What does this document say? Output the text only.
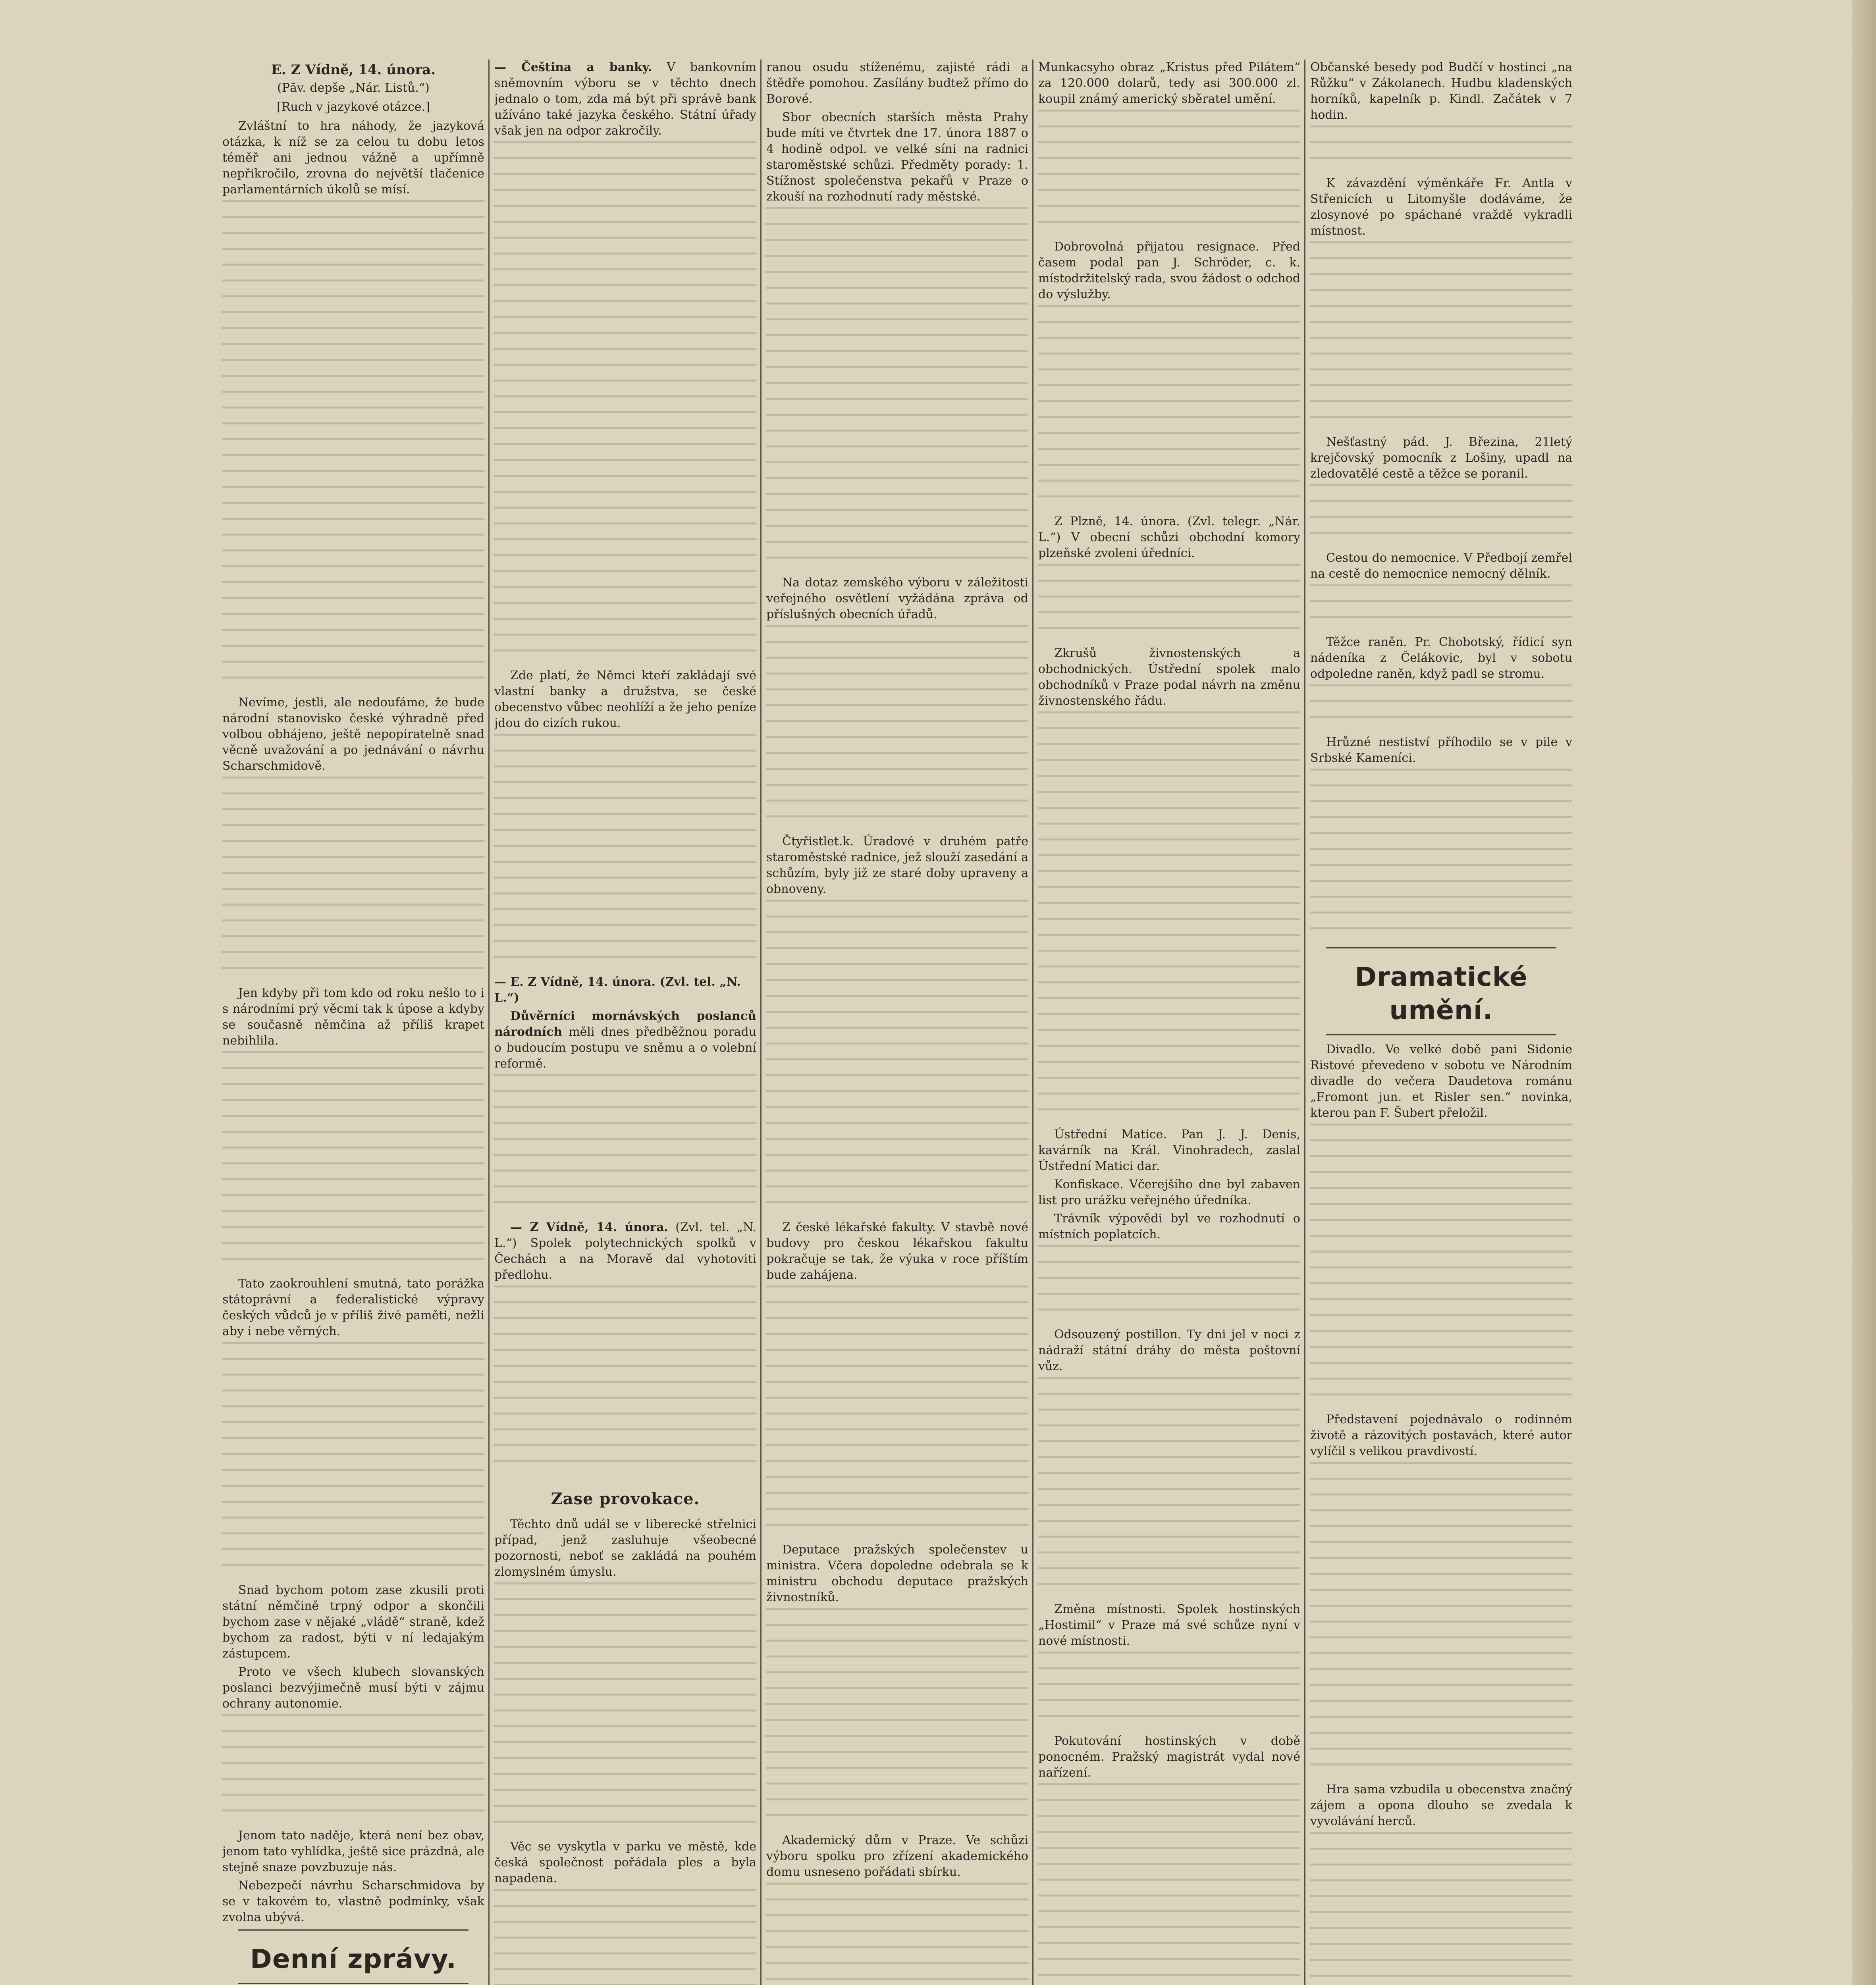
E. Z Vídně, 14. února.
(Păv. depše „Nár. Listů.“)
[Ruch v jazykové otázce.]

Zvláštní to hra náhody, že jazyková otázka, k níž se za celou tu dobu letos téměř ani jednou vážně a upřímně nepřikročilo, zrovna do největší tlačenice parlamentárních úkolů se mísí.

Nevíme, jestli, ale nedoufáme, že bude národní stanovisko české výhradně před volbou obhájeno, ještě nepopiratelně snad věcně uvažování a po jednávání o návrhu Scharschmidově.

Jen kdyby při tom kdo od roku nešlo to i s národními prý věcmi tak k úpose a kdyby se současně němčina až příliš krapet nebihlila.

Tato zaokrouhlení smutná, tato porážka státoprávní a federalistické výpravy českých vůdců je v příliš živé paměti, nežli aby i nebe věrných.

Snad bychom potom zase zkusili proti státní němčině trpný odpor a skončili bychom zase v nějaké „vládě“ straně, kdež bychom za radost, býti v ní ledajakým zástupcem.

Proto ve všech klubech slovanských poslanci bezvýjimečně musí býti v zájmu ochrany autonomie.

Jenom tato naděje, která není bez obav, jenom tato vyhlídka, ještě sice prázdná, ale stejně snaze povzbuzuje nás.

Nebezpečí návrhu Scharschmidova by se v takovém to, vlastně podmínky, však zvolna ubývá.

Denní zprávy.

— Čeština a banky. V bankovním sněmovním výboru se v těchto dnech jednalo o tom, zda má být při správě bank užíváno také jazyka českého. Státní úřady však jen na odpor zakročily.

Zde platí, že Němci kteří zakládají své vlastní banky a družstva, se české obecenstvo vůbec neohlíží a že jeho peníze jdou do cizích rukou.

— E. Z Vídně, 14. února. (Zvl. tel. „N. L.“)

Důvěrníci mornávských poslanců národních měli dnes předběžnou poradu o budoucím postupu ve sněmu a o volební reformě.

— Z Vídně, 14. února. (Zvl. tel. „N. L.“) Spolek polytechnických spolků v Čechách a na Moravě dal vyhotoviti předlohu.

Zase provokace.

Těchto dnů udál se v liberecké střelnici případ, jenž zasluhuje všeobecné pozornosti, neboť se zakládá na pouhém zlomyslném úmyslu.

Věc se vyskytla v parku ve městě, kde česká společnost pořádala ples a byla napadena.

ranou osudu stíženému, zajisté rádi a štědře pomohou. Zasílány budtež přímo do Borové.

Sbor obecních starších města Prahy bude míti ve čtvrtek dne 17. února 1887 o 4 hodině odpol. ve velké síni na radnici staroměstské schůzi. Předměty porady: 1. Stížnost společenstva pekařů v Praze o zkouší na rozhodnutí rady městské.

Na dotaz zemského výboru v záležitosti veřejného osvětlení vyžádána zpráva od příslušných obecních úřadů.

Čtyřistlet.k. Úradové v druhém patře staroměstské radnice, jež slouží zasedání a schůzím, byly již ze staré doby upraveny a obnoveny.

Z české lékařské fakulty. V stavbě nové budovy pro českou lékařskou fakultu pokračuje se tak, že výuka v roce příštím bude zahájena.

Deputace pražských společenstev u ministra. Včera dopoledne odebrala se k ministru obchodu deputace pražských živnostníků.

Akademický dům v Praze. Ve schůzi výboru spolku pro zřízení akademického domu usneseno pořádati sbírku.

Munkacsyho obraz „Kristus před Pilátem“ za 120.000 dolarů, tedy asi 300.000 zl. koupil známý americký sběratel umění.

Dobrovolná přijatou resignace. Před časem podal pan J. Schröder, c. k. místodržitelský rada, svou žádost o odchod do výslužby.

Z Plzně, 14. února. (Zvl. telegr. „Nár. L.“) V obecní schůzi obchodní komory plzeňské zvoleni úředníci.

Zkrušů živnostenských a obchodnických. Ústřední spolek malo obchodníků v Praze podal návrh na změnu živnostenského řádu.

Ústřední Matice. Pan J. J. Denis, kavárník na Král. Vinohradech, zaslal Ústřední Matici dar.

Konfiskace. Včerejšího dne byl zabaven list pro urážku veřejného úředníka.

Trávník výpovědi byl ve rozhodnutí o místních poplatcích.

Odsouzený postillon. Ty dni jel v noci z nádraží státní dráhy do města poštovní vůz.

Změna místnosti. Spolek hostinských „Hostimil“ v Praze má své schůze nyní v nové místnosti.

Pokutování hostinských v době ponocném. Pražský magistrát vydal nové nařízení.

Občanské besedy pod Budčí v hostinci „na Růžku“ v Zákolanech. Hudbu kladenských horníků, kapelník p. Kindl. Začátek v 7 hodin.

K závazdění výměnkáře Fr. Antla v Střenicích u Litomyšle dodáváme, že zlosynové po spáchané vraždě vykradli místnost.

Nešťastný pád. J. Březina, 21letý krejčovský pomocník z Lošiny, upadl na zledovatělé cestě a těžce se poranil.

Cestou do nemocnice. V Předbojí zemřel na cestě do nemocnice nemocný dělník.

Těžce raněn. Pr. Chobotský, řídicí syn nádeníka z Čelákovic, byl v sobotu odpoledne raněn, když padl se stromu.

Hrůzné nestiství příhodilo se v pile v Srbské Kameníci.

Dramatické umění.

Divadlo. Ve velké době pani Sidonie Ristové převedeno v sobotu ve Národním divadle do večera Daudetova románu „Fromont jun. et Risler sen.“ novinka, kterou pan F. Šubert přeložil.

Představení pojednávalo o rodinném životě a rázovitých postavách, které autor vylíčil s velikou pravdivostí.

Hra sama vzbudila u obecenstva značný zájem a opona dlouho se zvedala k vyvolávání herců.
